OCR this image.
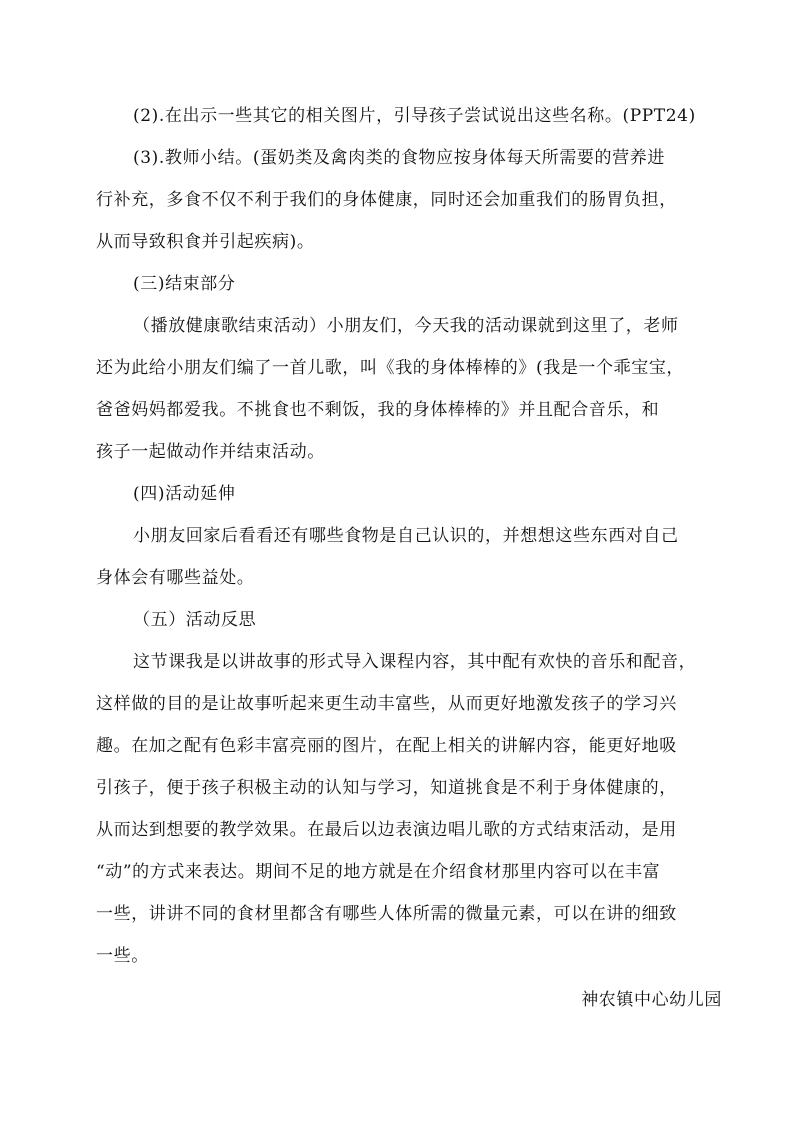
(2).在出示一些其它的相关图片，引导孩子尝试说出这些名称。(PPT24)
(3).教师小结。(蛋奶类及禽肉类的食物应按身体每天所需要的营养进
行补充，多食不仅不利于我们的身体健康，同时还会加重我们的肠胃负担，
从而导致积食并引起疾病)。
(三)结束部分
（播放健康歌结束活动）小朋友们，今天我的活动课就到这里了，老师
还为此给小朋友们编了一首儿歌，叫《我的身体棒棒的》(我是一个乖宝宝，
爸爸妈妈都爱我。不挑食也不剩饭，我的身体棒棒的》并且配合音乐，和
孩子一起做动作并结束活动。
(四)活动延伸
小朋友回家后看看还有哪些食物是自己认识的，并想想这些东西对自己
身体会有哪些益处。
（五）活动反思
这节课我是以讲故事的形式导入课程内容，其中配有欢快的音乐和配音，
这样做的目的是让故事听起来更生动丰富些，从而更好地激发孩子的学习兴
趣。在加之配有色彩丰富亮丽的图片，在配上相关的讲解内容，能更好地吸
引孩子，便于孩子积极主动的认知与学习，知道挑食是不利于身体健康的，
从而达到想要的教学效果。在最后以边表演边唱儿歌的方式结束活动，是用
“动”的方式来表达。期间不足的地方就是在介绍食材那里内容可以在丰富
一些，讲讲不同的食材里都含有哪些人体所需的微量元素，可以在讲的细致
一些。
神农镇中心幼儿园
